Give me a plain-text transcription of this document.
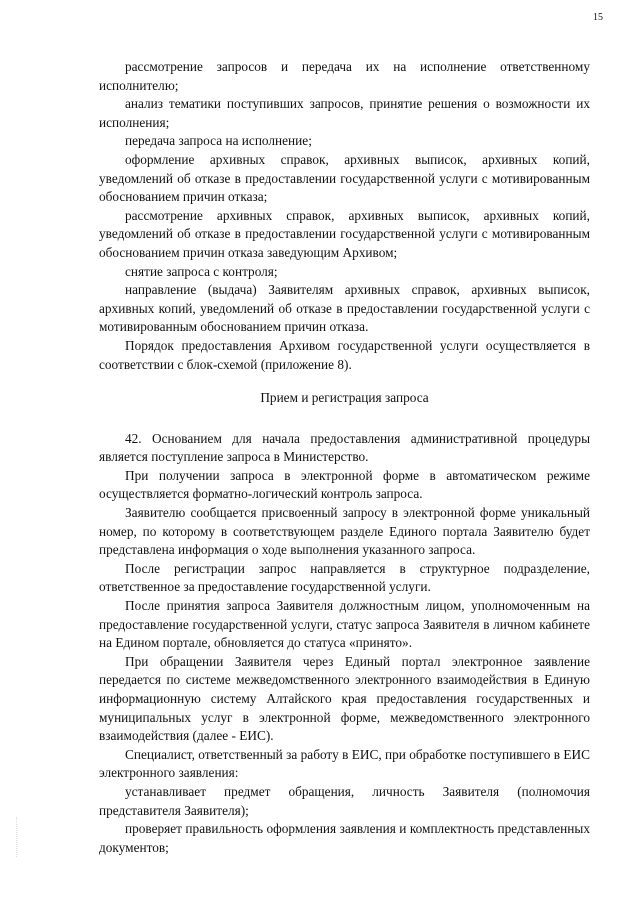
15

рассмотрение запросов и передача их на исполнение ответственному исполнителю;

анализ тематики поступивших запросов, принятие решения о возможности их исполнения;

передача запроса на исполнение;

оформление архивных справок, архивных выписок, архивных копий, уведомлений об отказе в предоставлении государственной услуги с мотивированным обоснованием причин отказа;

рассмотрение архивных справок, архивных выписок, архивных копий, уведомлений об отказе в предоставлении государственной услуги с мотивированным обоснованием причин отказа заведующим Архивом;

снятие запроса с контроля;

направление (выдача) Заявителям архивных справок, архивных выписок, архивных копий, уведомлений об отказе в предоставлении государственной услуги с мотивированным обоснованием причин отказа.

Порядок предоставления Архивом государственной услуги осуществляется в соответствии с блок-схемой (приложение 8).

Прием и регистрация запроса

42. Основанием для начала предоставления административной процедуры является поступление запроса в Министерство.

При получении запроса в электронной форме в автоматическом режиме осуществляется форматно-логический контроль запроса.

Заявителю сообщается присвоенный запросу в электронной форме уникальный номер, по которому в соответствующем разделе Единого портала Заявителю будет представлена информация о ходе выполнения указанного запроса.

После регистрации запрос направляется в структурное подразделение, ответственное за предоставление государственной услуги.

После принятия запроса Заявителя должностным лицом, уполномоченным на предоставление государственной услуги, статус запроса Заявителя в личном кабинете на Едином портале, обновляется до статуса «принято».

При обращении Заявителя через Единый портал электронное заявление передается по системе межведомственного электронного взаимодействия в Единую информационную систему Алтайского края предоставления государственных и муниципальных услуг в электронной форме, межведомственного электронного взаимодействия (далее - ЕИС).

Специалист, ответственный за работу в ЕИС, при обработке поступившего в ЕИС электронного заявления:

устанавливает предмет обращения, личность Заявителя (полномочия представителя Заявителя);

проверяет правильность оформления заявления и комплектность представленных документов;
